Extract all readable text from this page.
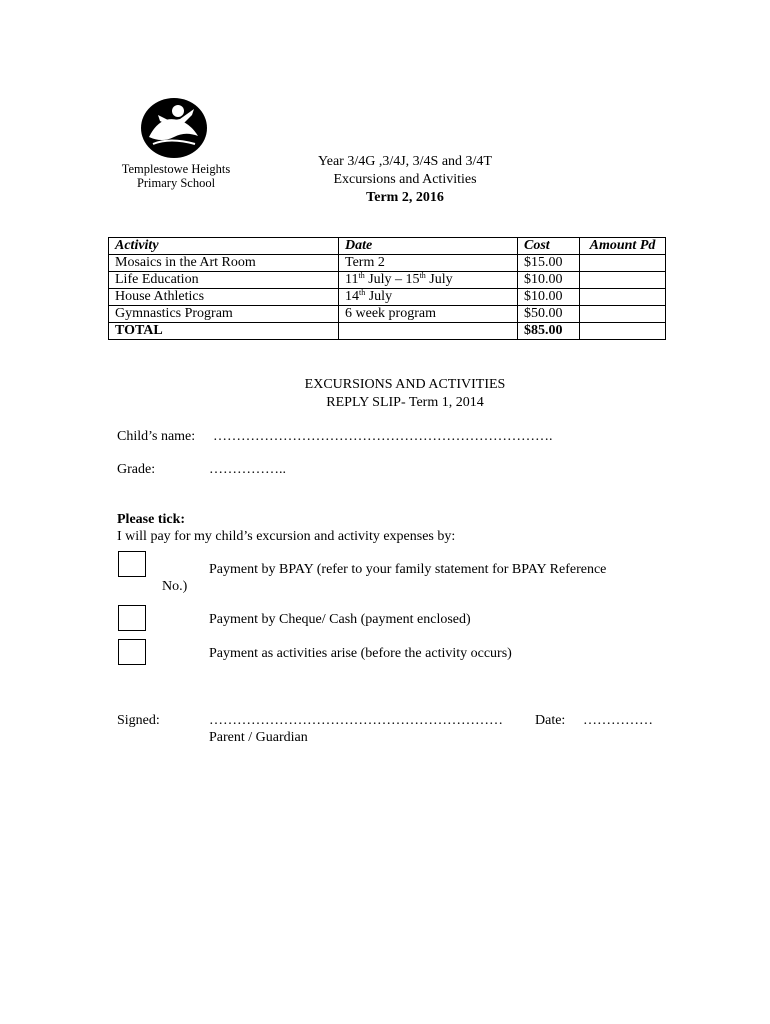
Templestowe Heights
Primary School
Year 3/4G ,3/4J, 3/4S and 3/4T
Excursions and Activities
Term 2, 2016
Activity	Date	Cost	Amount Pd
Mosaics in the Art Room	Term 2	$15.00	
Life Education	11th July – 15th July	$10.00	
House Athletics	14th July	$10.00	
Gymnastics Program	6 week program	$50.00	
TOTAL		$85.00	
EXCURSIONS AND ACTIVITIES
REPLY SLIP- Term 1, 2014
Child’s name: ……………………………………………………………….
Grade:	……………..
Please tick:
I will pay for my child’s excursion and activity expenses by:
Payment by BPAY (refer to your family statement for BPAY Reference
No.)
Payment by Cheque/ Cash (payment enclosed)
Payment as activities arise (before the activity occurs)
Signed:	………………………………………………………
Parent / Guardian
Date: ……………
